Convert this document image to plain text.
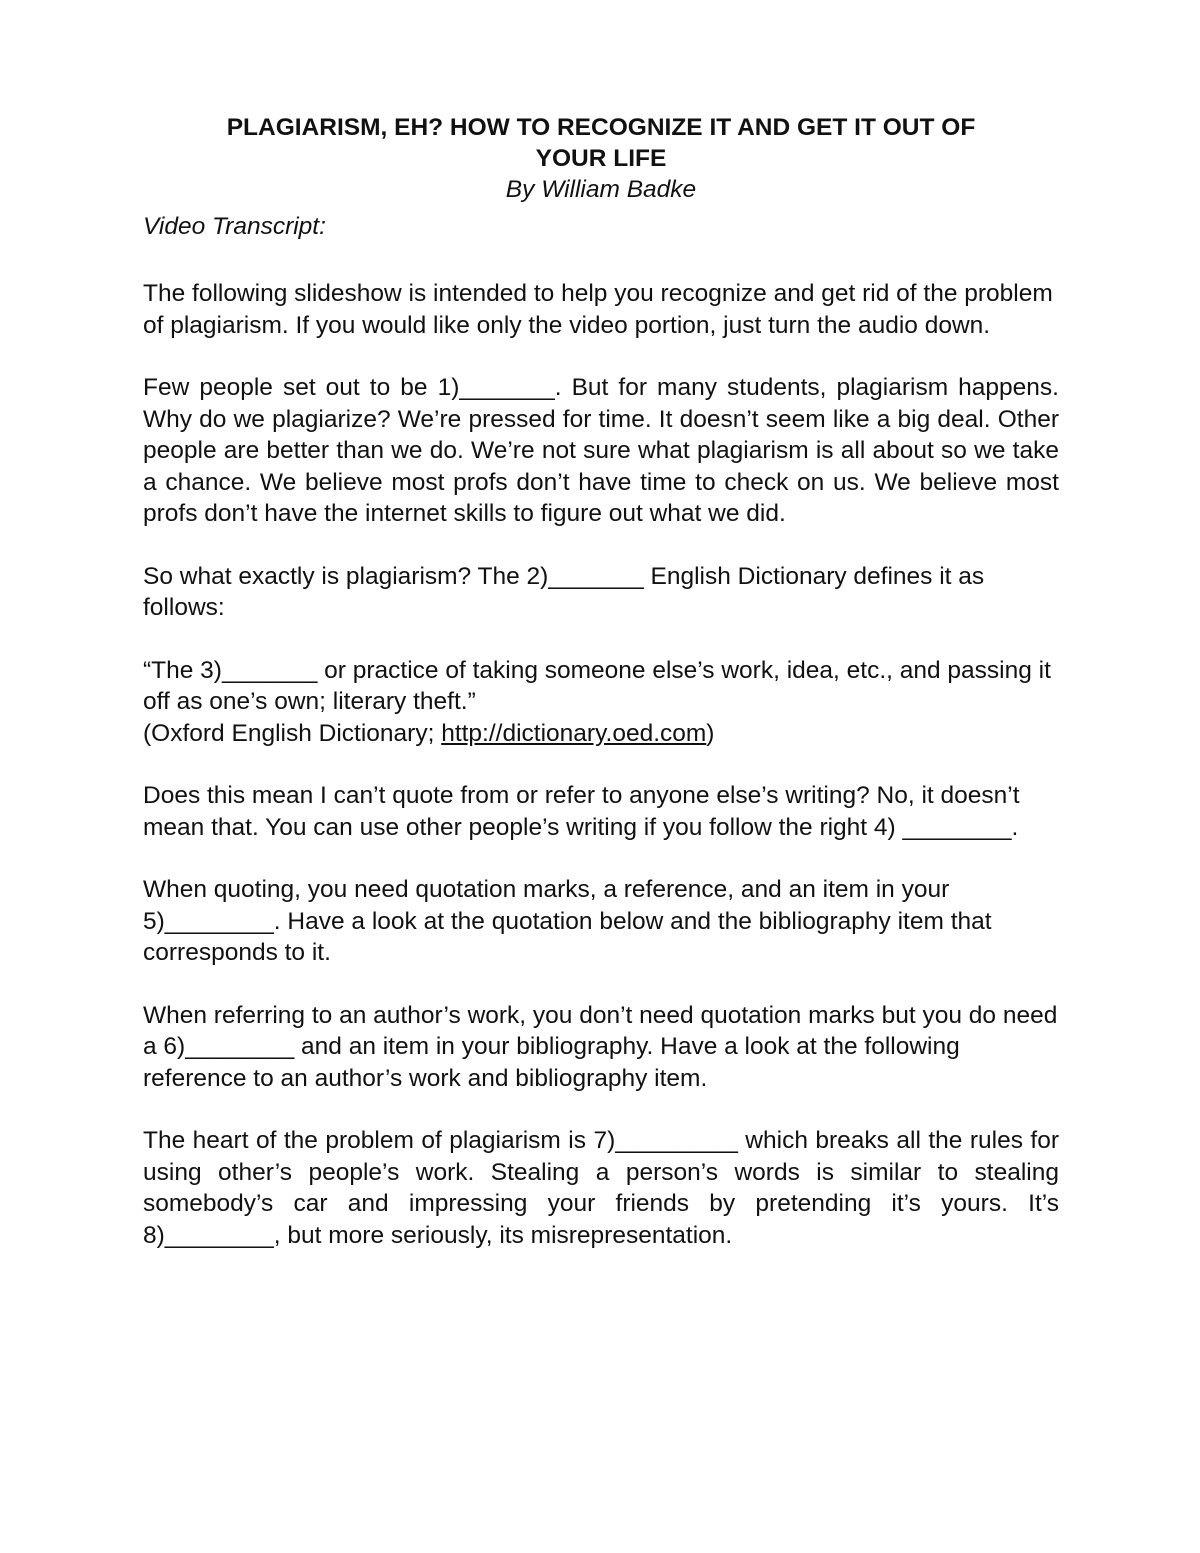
PLAGIARISM, EH? HOW TO RECOGNIZE IT AND GET IT OUT OF
YOUR LIFE
By William Badke
Video Transcript:

The following slideshow is intended to help you recognize and get rid of the problem of plagiarism. If you would like only the video portion, just turn the audio down.

Few people set out to be 1)_______. But for many students, plagiarism happens. Why do we plagiarize? We’re pressed for time. It doesn’t seem like a big deal. Other people are better than we do. We’re not sure what plagiarism is all about so we take a chance. We believe most profs don’t have time to check on us. We believe most profs don’t have the internet skills to figure out what we did.

So what exactly is plagiarism? The 2)_______ English Dictionary defines it as follows:

“The 3)_______ or practice of taking someone else’s work, idea, etc., and passing it off as one’s own; literary theft.”

(Oxford English Dictionary; http://dictionary.oed.com)

Does this mean I can’t quote from or refer to anyone else’s writing? No, it doesn’t mean that. You can use other people’s writing if you follow the right 4) ________.

When quoting, you need quotation marks, a reference, and an item in your 5)________. Have a look at the quotation below and the bibliography item that corresponds to it.

When referring to an author’s work, you don’t need quotation marks but you do need a 6)________ and an item in your bibliography. Have a look at the following reference to an author’s work and bibliography item.

The heart of the problem of plagiarism is 7)_________ which breaks all the rules for using other’s people’s work. Stealing a person’s words is similar to stealing somebody’s car and impressing your friends by pretending it’s yours. It’s 8)________, but more seriously, its misrepresentation.
